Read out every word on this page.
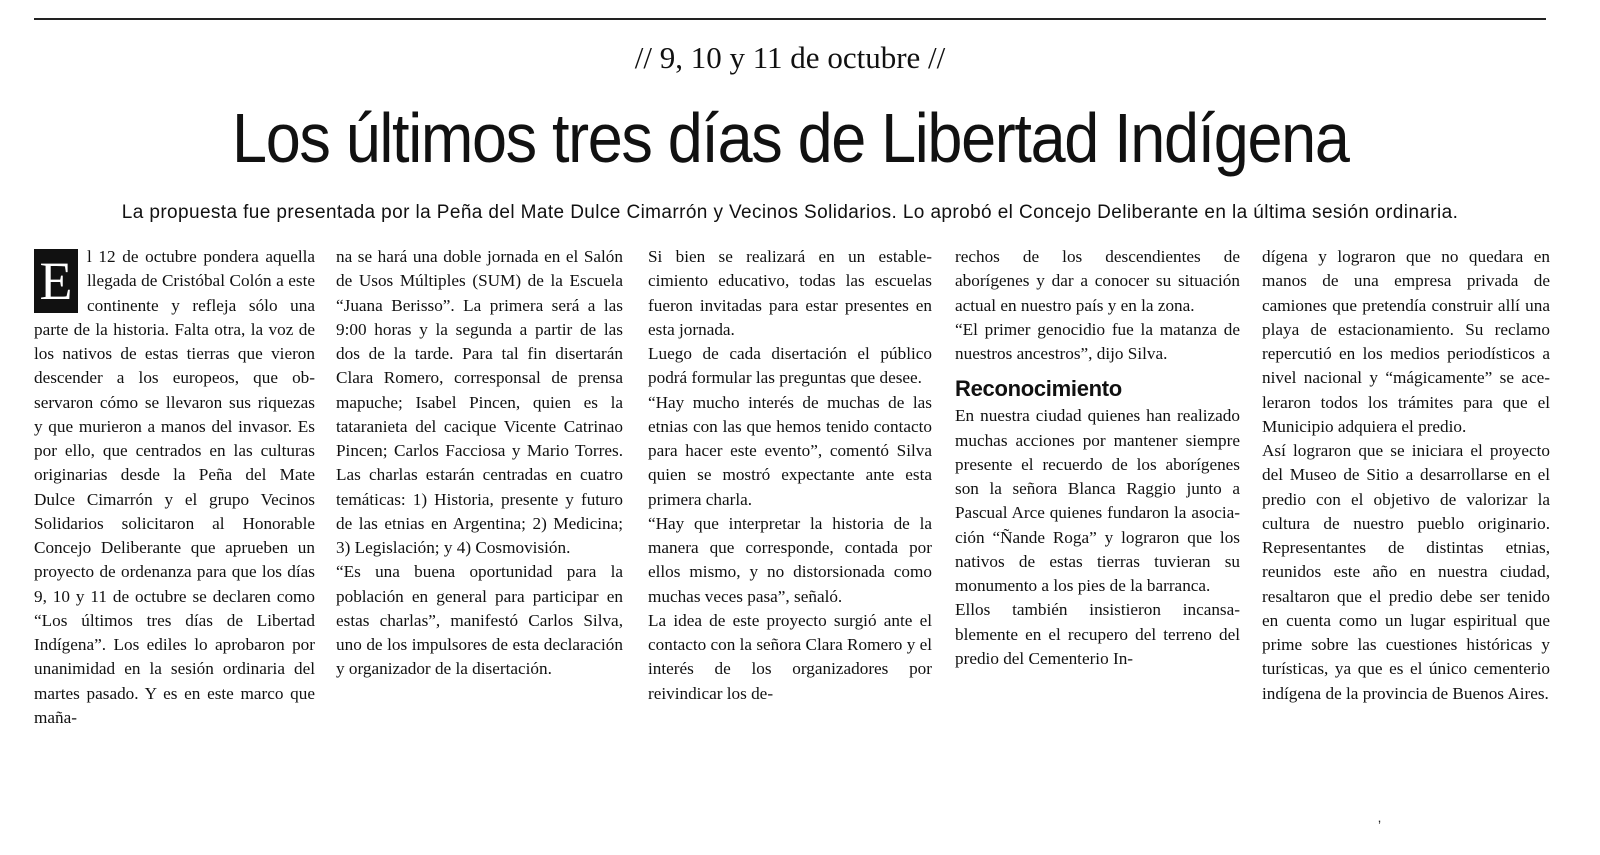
// 9, 10 y 11 de octubre //
Los últimos tres días de Libertad Indígena
La propuesta fue presentada por la Peña del Mate Dulce Cimarrón y Vecinos Solidarios. Lo aprobó el Concejo Deliberante en la última sesión ordinaria.
E l 12 de octubre pondera aquella llegada de Cristóbal Colón a este continente y refleja sólo una parte de la historia. Falta otra, la voz de los nativos de estas tierras que vieron descender a los europeos, que observaron cómo se llevaron sus riquezas y que murieron a manos del invasor. Es por ello, que centrados en las culturas originarias desde la Peña del Mate Dulce Cimarrón y el grupo Vecinos Solidarios solicitaron al Honorable Concejo Deliberante que aprueben un proyecto de ordenanza para que los días 9, 10 y 11 de octubre se declaren como “Los últimos tres días de Libertad Indígena”. Los ediles lo aprobaron por unanimidad en la sesión ordinaria del martes pasado. Y es en este marco que maña-

na se hará una doble jornada en el Salón de Usos Múltiples (SUM) de la Escuela “Juana Berisso”. La primera será a las 9:00 horas y la segunda a partir de las dos de la tarde. Para tal fin disertarán Clara Romero, corresponsal de prensa mapuche; Isabel Pincen, quien es la tataranieta del cacique Vicente Catrinao Pincen; Carlos Facciosa y Mario Torres. Las charlas estarán centradas en cuatro temáticas: 1) Historia, presente y futuro de las etnias en Argentina; 2) Medicina; 3) Legislación; y 4) Cosmovisión.

“Es una buena oportunidad para la población en general para participar en estas charlas”, manifestó Carlos Silva, uno de los impulsores de esta declaración y organizador de la disertación.

Si bien se realizará en un establecimiento educativo, todas las escuelas fueron invitadas para estar presentes en esta jornada.

Luego de cada disertación el público podrá formular las preguntas que desee.

“Hay mucho interés de muchas de las etnias con las que hemos tenido contacto para hacer este evento”, comentó Silva quien se mostró expectante ante esta primera charla.

“Hay que interpretar la historia de la manera que corresponde, contada por ellos mismo, y no distorsionada como muchas veces pasa”, señaló.

La idea de este proyecto surgió ante el contacto con la señora Clara Romero y el interés de los organizadores por reivindicar los de-

rechos de los descendientes de aborígenes y dar a conocer su situación actual en nuestro país y en la zona.

“El primer genocidio fue la matanza de nuestros ancestros”, dijo Silva.

Reconocimiento

En nuestra ciudad quienes han realizado muchas acciones por mantener siempre presente el recuerdo de los aborígenes son la señora Blanca Raggio junto a Pascual Arce quienes fundaron la asociación “Ñande Roga” y lograron que los nativos de estas tierras tuvieran su monumento a los pies de la barranca.

Ellos también insistieron incansablemente en el recupero del terreno del predio del Cementerio In-

dígena y lograron que no quedara en manos de una empresa privada de camiones que pretendía construir allí una playa de estacionamiento. Su reclamo repercutió en los medios periodísticos a nivel nacional y “mágicamente” se aceleraron todos los trámites para que el Municipio adquiera el predio.

Así lograron que se iniciara el proyecto del Museo de Sitio a desarrollarse en el predio con el objetivo de valorizar la cultura de nuestro pueblo originario. Representantes de distintas etnias, reunidos este año en nuestra ciudad, resaltaron que el predio debe ser tenido en cuenta como un lugar espiritual que prime sobre las cuestiones históricas y turísticas, ya que es el único cementerio indígena de la provincia de Buenos Aires.

ʼ
